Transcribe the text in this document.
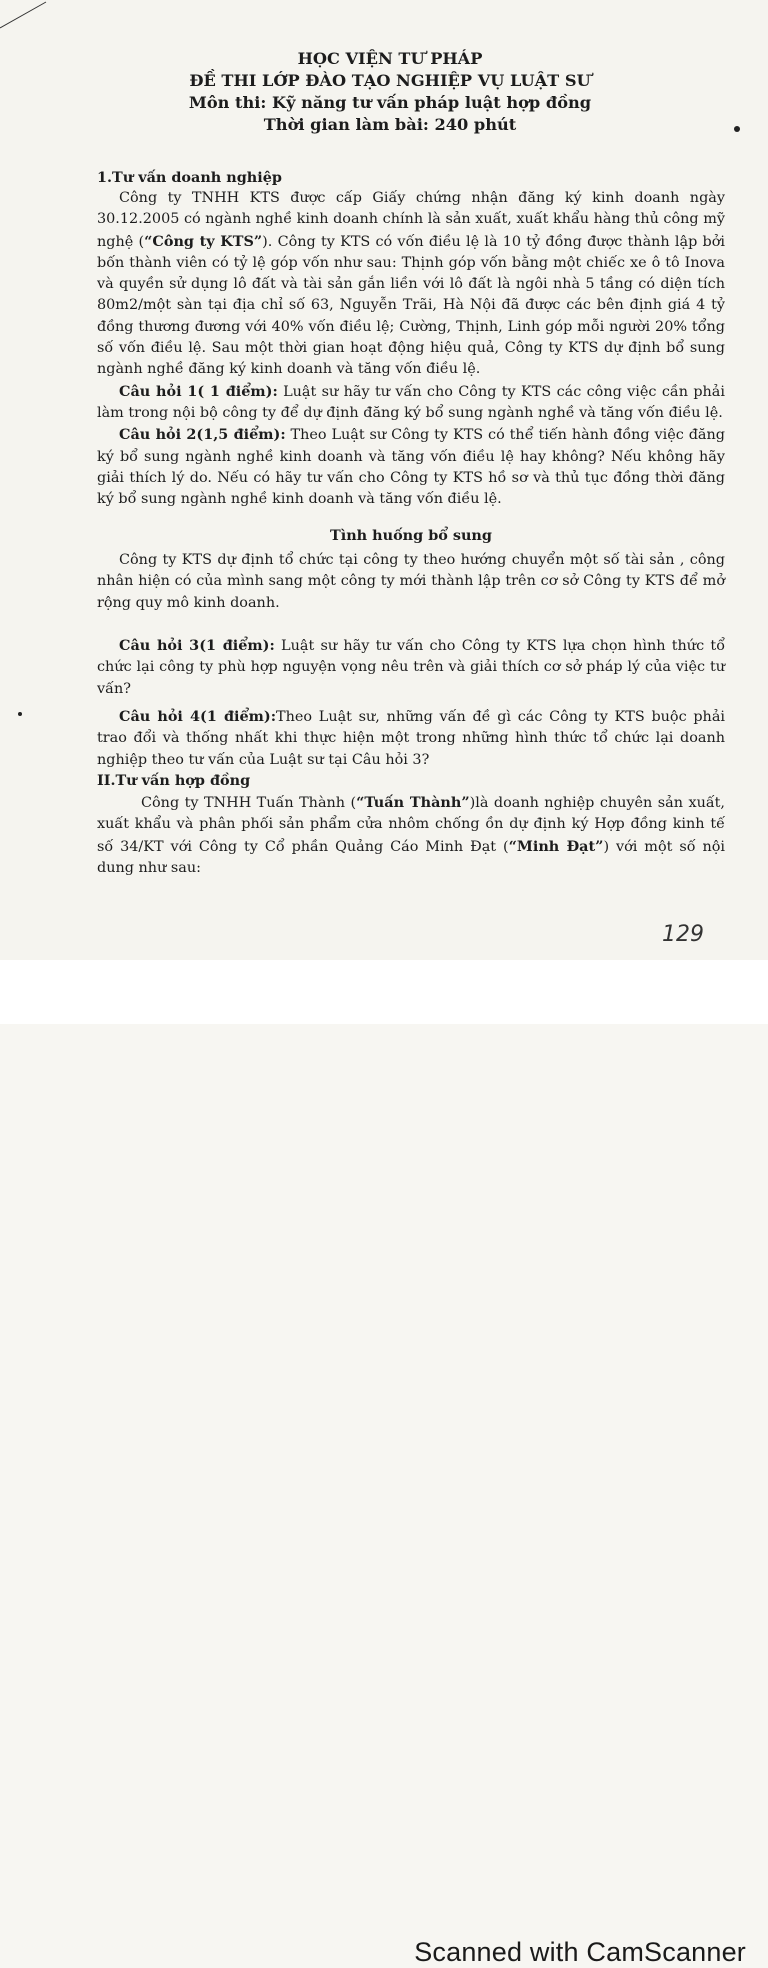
HỌC VIỆN TƯ PHÁP
ĐỀ THI LỚP ĐÀO TẠO NGHIỆP VỤ LUẬT SƯ
Môn thi: Kỹ năng tư vấn pháp luật hợp đồng
Thời gian làm bài: 240 phút
1.Tư vấn doanh nghiệp

Công ty TNHH KTS được cấp Giấy chứng nhận đăng ký kinh doanh ngày 30.12.2005 có ngành nghề kinh doanh chính là sản xuất, xuất khẩu hàng thủ công mỹ nghệ (“Công ty KTS”). Công ty KTS có vốn điều lệ là 10 tỷ đồng được thành lập bởi bốn thành viên có tỷ lệ góp vốn như sau: Thịnh góp vốn bằng một chiếc xe ô tô Inova và quyền sử dụng lô đất và tài sản gắn liền với lô đất là ngôi nhà 5 tầng có diện tích 80m2/một sàn tại địa chỉ số 63, Nguyễn Trãi, Hà Nội đã được các bên định giá 4 tỷ đồng thương đương với 40% vốn điều lệ; Cường, Thịnh, Linh góp mỗi người 20% tổng số vốn điều lệ. Sau một thời gian hoạt động hiệu quả, Công ty KTS dự định bổ sung ngành nghề đăng ký kinh doanh và tăng vốn điều lệ.

Câu hỏi 1( 1 điểm): Luật sư hãy tư vấn cho Công ty KTS các công việc cần phải làm trong nội bộ công ty để dự định đăng ký bổ sung ngành nghề và tăng vốn điều lệ.

Câu hỏi 2(1,5 điểm): Theo Luật sư Công ty KTS có thể tiến hành đồng việc đăng ký bổ sung ngành nghề kinh doanh và tăng vốn điều lệ hay không? Nếu không hãy giải thích lý do. Nếu có hãy tư vấn cho Công ty KTS hồ sơ và thủ tục đồng thời đăng ký bổ sung ngành nghề kinh doanh và tăng vốn điều lệ.

Tình huống bổ sung

Công ty KTS dự định tổ chức tại công ty theo hướng chuyển một số tài sản , công nhân hiện có của mình sang một công ty mới thành lập trên cơ sở Công ty KTS để mở rộng quy mô kinh doanh.

Câu hỏi 3(1 điểm): Luật sư hãy tư vấn cho Công ty KTS lựa chọn hình thức tổ chức lại công ty phù hợp nguyện vọng nêu trên và giải thích cơ sở pháp lý của việc tư vấn?

Câu hỏi 4(1 điểm):Theo Luật sư, những vấn đề gì các Công ty KTS buộc phải trao đổi và thống nhất khi thực hiện một trong những hình thức tổ chức lại doanh nghiệp theo tư vấn của Luật sư tại Câu hỏi 3?

II.Tư vấn hợp đồng

Công ty TNHH Tuấn Thành (“Tuấn Thành”)là doanh nghiệp chuyên sản xuất, xuất khẩu và phân phối sản phẩm cửa nhôm chống ồn dự định ký Hợp đồng kinh tế số 34/KT với Công ty Cổ phần Quảng Cáo Minh Đạt (“Minh Đạt”) với một số nội dung như sau:

129
Scanned with CamScanner
